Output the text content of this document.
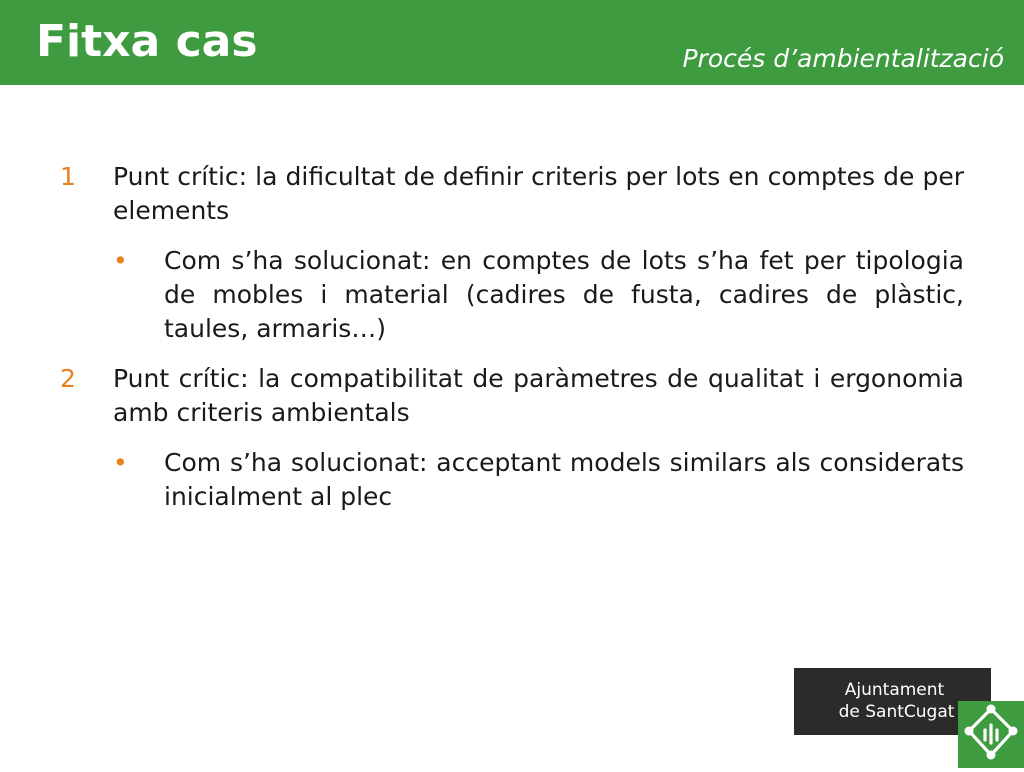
Fitxa cas	Procés d’ambientalització
1	Punt crític: la dificultat de definir criteris per lots en comptes de per elements

•	Com s’ha solucionat: en comptes de lots s’ha fet per tipologia de mobles i material (cadires de fusta, cadires de plàstic, taules, armaris…)

2	Punt crític: la compatibilitat de paràmetres de qualitat i ergonomia amb criteris ambientals

•	Com s’ha solucionat: acceptant models similars als considerats inicialment al plec

Ajuntament
de SantCugat
